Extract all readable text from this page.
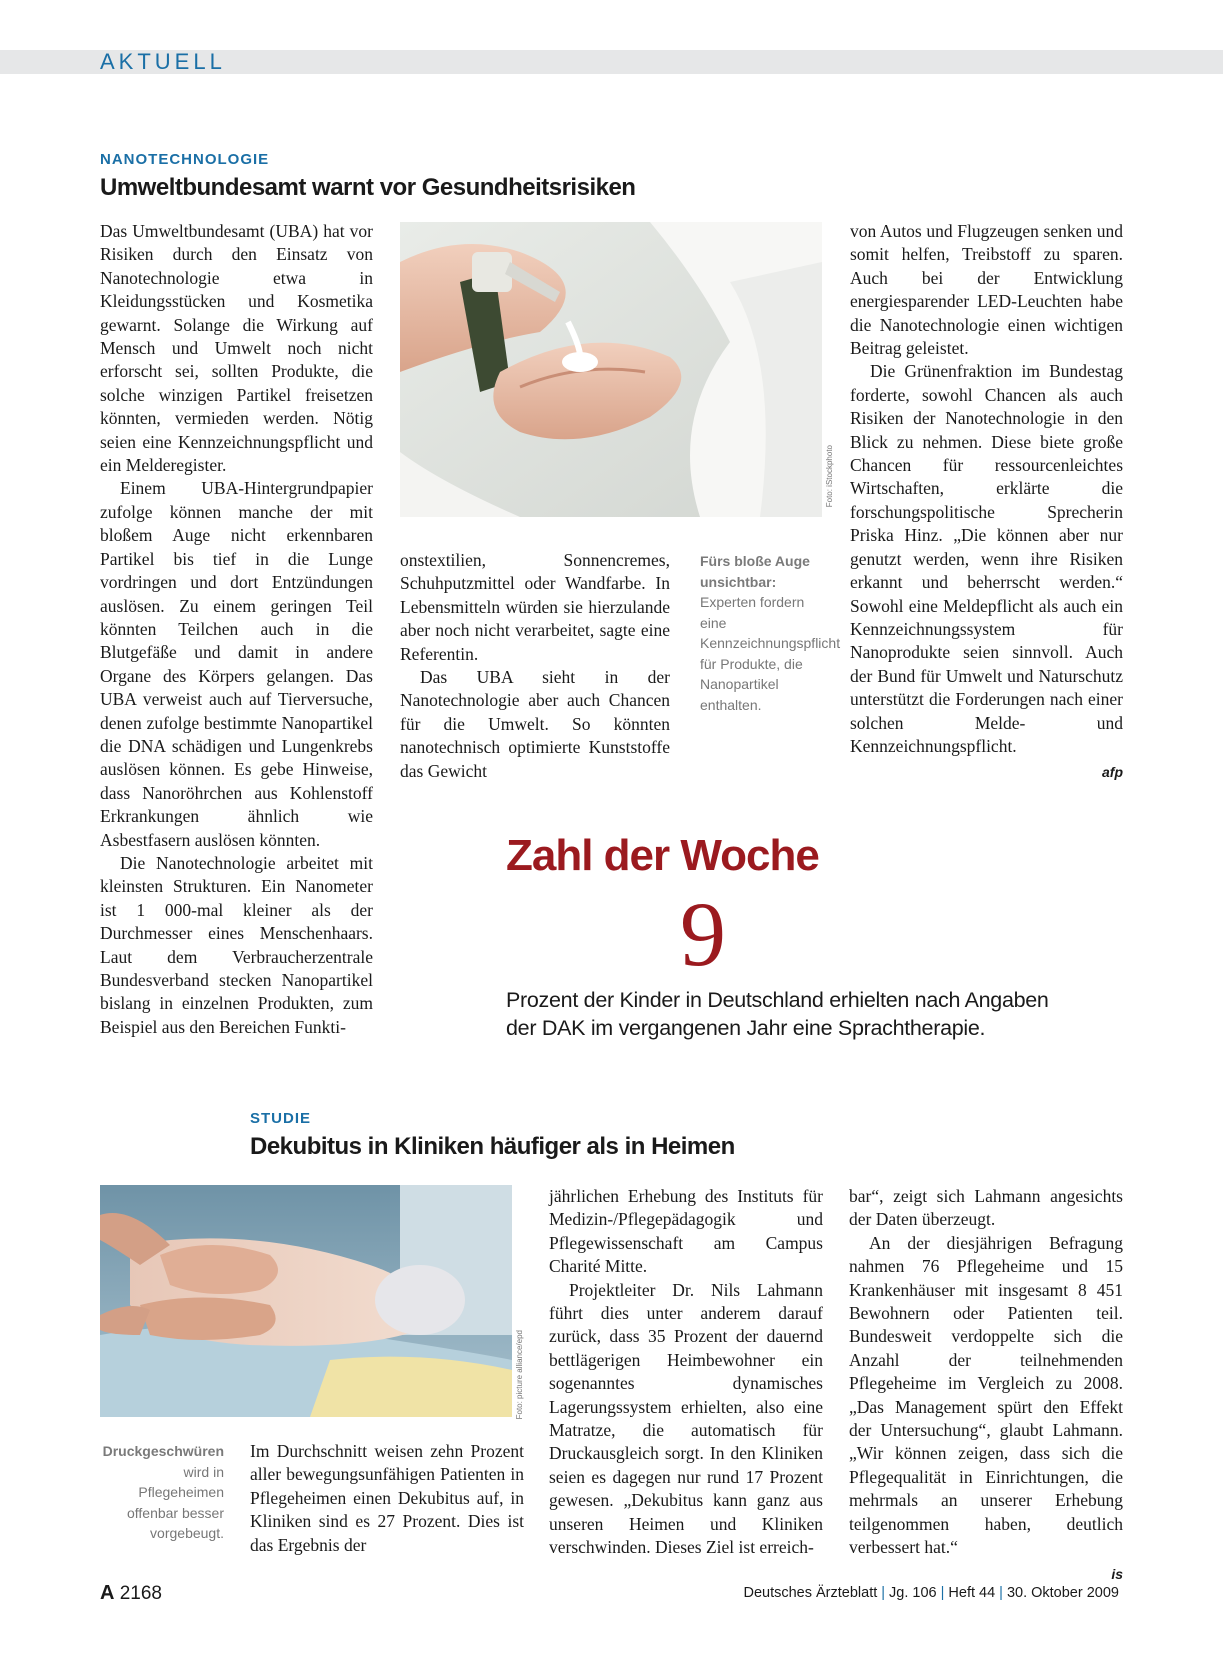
AKTUELL
NANOTECHNOLOGIE
Umweltbundesamt warnt vor Gesundheitsrisiken

Das Umweltbundesamt (UBA) hat vor Risiken durch den Einsatz von Nanotechnologie etwa in Kleidungsstücken und Kosmetika gewarnt. Solange die Wirkung auf Mensch und Umwelt noch nicht erforscht sei, sollten Produkte, die solche winzigen Partikel freisetzen könnten, vermieden werden. Nötig seien eine Kennzeichnungspflicht und ein Melderegister.

Einem UBA-Hintergrundpapier zufolge können manche der mit bloßem Auge nicht erkennbaren Partikel bis tief in die Lunge vordringen und dort Entzündungen auslösen. Zu einem geringen Teil könnten Teilchen auch in die Blutgefäße und damit in andere Organe des Körpers gelangen. Das UBA verweist auch auf Tierversuche, denen zufolge bestimmte Nanopartikel die DNA schädigen und Lungenkrebs auslösen können. Es gebe Hinweise, dass Nanoröhrchen aus Kohlenstoff Erkrankungen ähnlich wie Asbestfasern auslösen könnten.

Die Nanotechnologie arbeitet mit kleinsten Strukturen. Ein Nanometer ist 1 000-mal kleiner als der Durchmesser eines Menschenhaars. Laut dem Verbraucherzentrale Bundesverband stecken Nanopartikel bislang in einzelnen Produkten, zum Beispiel aus den Bereichen Funkti-

Foto: iStockphoto

onstextilien, Sonnencremes, Schuhputzmittel oder Wandfarbe. In Lebensmitteln würden sie hierzulande aber noch nicht verarbeitet, sagte eine Referentin.

Das UBA sieht in der Nanotechnologie aber auch Chancen für die Umwelt. So könnten nanotechnisch optimierte Kunststoffe das Gewicht

Fürs bloße Auge unsichtbar: Experten fordern eine Kennzeichnungspflicht für Produkte, die Nanopartikel enthalten.

von Autos und Flugzeugen senken und somit helfen, Treibstoff zu sparen. Auch bei der Entwicklung energiesparender LED-Leuchten habe die Nanotechnologie einen wichtigen Beitrag geleistet.

Die Grünenfraktion im Bundestag forderte, sowohl Chancen als auch Risiken der Nanotechnologie in den Blick zu nehmen. Diese biete große Chancen für ressourcenleichtes Wirtschaften, erklärte die forschungspolitische Sprecherin Priska Hinz. „Die können aber nur genutzt werden, wenn ihre Risiken erkannt und beherrscht werden.“ Sowohl eine Meldepflicht als auch ein Kennzeichnungssystem für Nanoprodukte seien sinnvoll. Auch der Bund für Umwelt und Naturschutz unterstützt die Forderungen nach einer solchen Melde- und Kennzeichnungspflicht.

afp
Zahl der Woche
9
Prozent der Kinder in Deutschland erhielten nach Angaben der DAK im vergangenen Jahr eine Sprachtherapie.
STUDIE
Dekubitus in Kliniken häufiger als in Heimen
Foto: picture alliance/epd
Druckgeschwüren wird in Pflegeheimen offenbar besser vorgebeugt.

Im Durchschnitt weisen zehn Prozent aller bewegungsunfähigen Patienten in Pflegeheimen einen Dekubitus auf, in Kliniken sind es 27 Prozent. Dies ist das Ergebnis der

jährlichen Erhebung des Instituts für Medizin-/Pflegepädagogik und Pflegewissenschaft am Campus Charité Mitte.

Projektleiter Dr. Nils Lahmann führt dies unter anderem darauf zurück, dass 35 Prozent der dauernd bettlägerigen Heimbewohner ein sogenanntes dynamisches Lagerungssystem erhielten, also eine Matratze, die automatisch für Druckausgleich sorgt. In den Kliniken seien es dagegen nur rund 17 Prozent gewesen. „Dekubitus kann ganz aus unseren Heimen und Kliniken verschwinden. Dieses Ziel ist erreich-

bar“, zeigt sich Lahmann angesichts der Daten überzeugt.

An der diesjährigen Befragung nahmen 76 Pflegeheime und 15 Krankenhäuser mit insgesamt 8 451 Bewohnern oder Patienten teil. Bundesweit verdoppelte sich die Anzahl der teilnehmenden Pflegeheime im Vergleich zu 2008. „Das Management spürt den Effekt der Untersuchung“, glaubt Lahmann. „Wir können zeigen, dass sich die Pflegequalität in Einrichtungen, die mehrmals an unserer Erhebung teilgenommen haben, deutlich verbessert hat.“

is
A 2168	Deutsches Ärzteblatt | Jg. 106 | Heft 44 | 30. Oktober 2009
